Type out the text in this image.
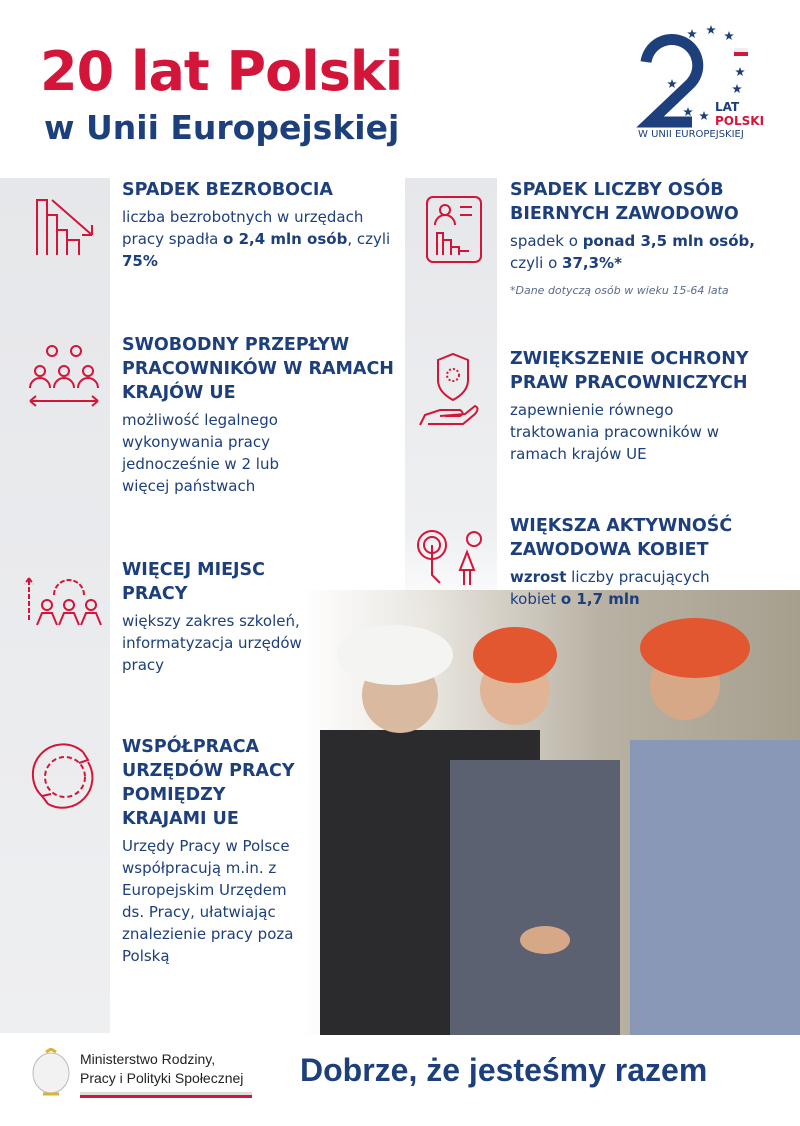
20 lat Polski
w Unii Europejskiej
LAT
POLSKI
W UNII EUROPEJSKIEJ
SPADEK BEZROBOCIA

liczba bezrobotnych w urzędach pracy spadła o 2,4 mln osób, czyli 75%

SPADEK LICZBY OSÓB BIERNYCH ZAWODOWO

spadek o ponad 3,5 mln osób, czyli o 37,3%*

*Dane dotyczą osób w wieku 15-64 lata
SWOBODNY PRZEPŁYW PRACOWNIKÓW W RAMACH KRAJÓW UE

możliwość legalnego wykonywania pracy jednocześnie w 2 lub więcej państwach

ZWIĘKSZENIE OCHRONY PRAW PRACOWNICZYCH

zapewnienie równego traktowania pracowników w ramach krajów UE

WIĘCEJ MIEJSC PRACY

większy zakres szkoleń, informatyzacja urzędów pracy

WIĘKSZA AKTYWNOŚĆ ZAWODOWA KOBIET

wzrost liczby pracujących kobiet o 1,7 mln

WSPÓŁPRACA URZĘDÓW PRACY POMIĘDZY KRAJAMI UE

Urzędy Pracy w Polsce współpracują m.in. z Europejskim Urzędem ds. Pracy, ułatwiając znalezienie pracy poza Polską

Ministerstwo Rodziny,
Pracy i Polityki Społecznej Dobrze, że jesteśmy razem
